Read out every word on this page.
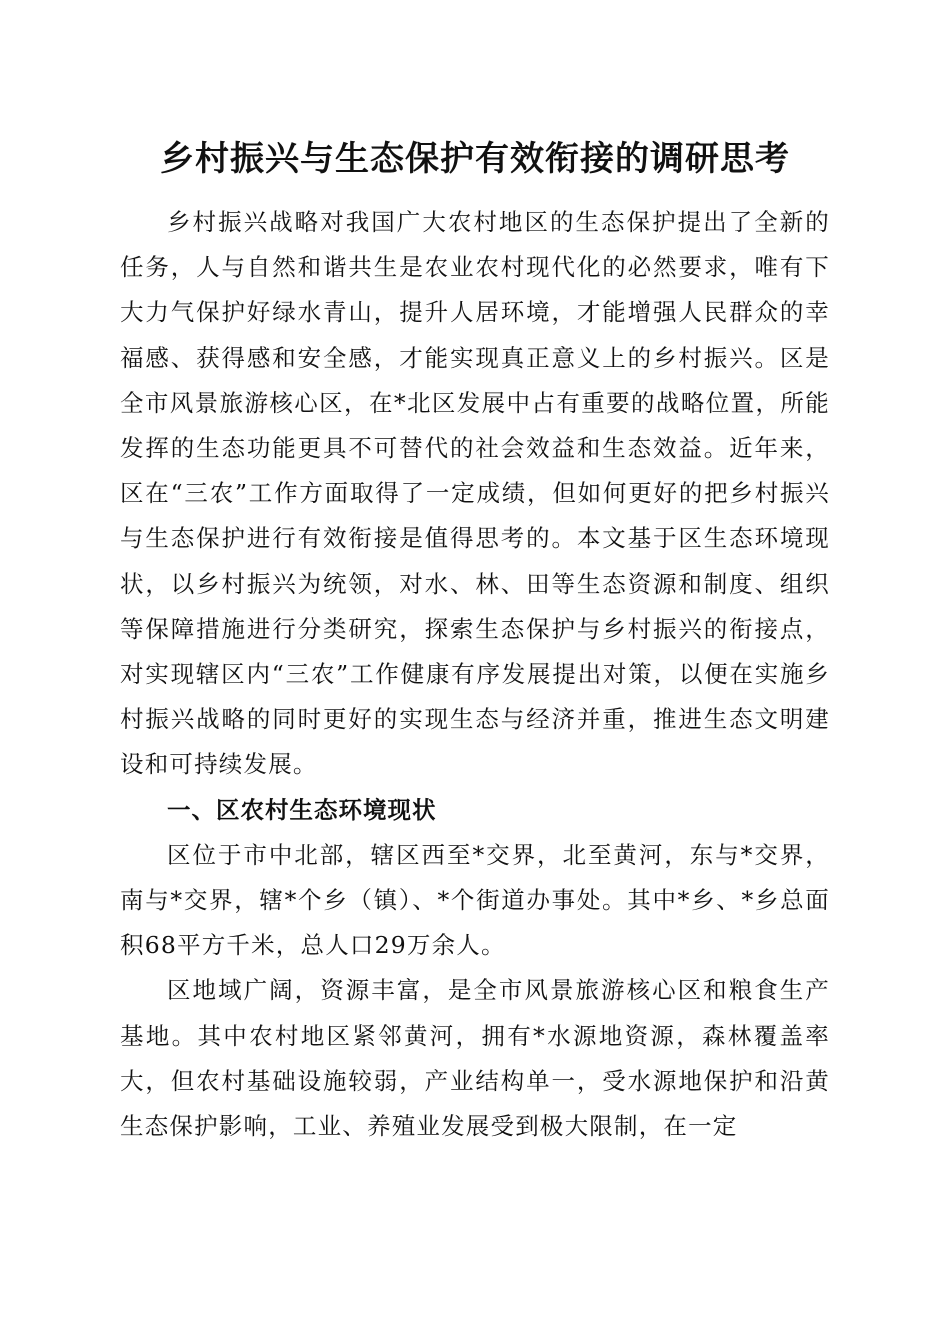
乡村振兴与生态保护有效衔接的调研思考

乡村振兴战略对我国广大农村地区的生态保护提出了全新的任务，人与自然和谐共生是农业农村现代化的必然要求，唯有下大力气保护好绿水青山，提升人居环境，才能增强人民群众的幸福感、获得感和安全感，才能实现真正意义上的乡村振兴。区是全市风景旅游核心区，在*北区发展中占有重要的战略位置，所能发挥的生态功能更具不可替代的社会效益和生态效益。近年来，区在“三农”工作方面取得了一定成绩，但如何更好的把乡村振兴与生态保护进行有效衔接是值得思考的。本文基于区生态环境现状，以乡村振兴为统领，对水、林、田等生态资源和制度、组织等保障措施进行分类研究，探索生态保护与乡村振兴的衔接点，对实现辖区内“三农”工作健康有序发展提出对策，以便在实施乡村振兴战略的同时更好的实现生态与经济并重，推进生态文明建设和可持续发展。

一、区农村生态环境现状

区位于市中北部，辖区西至*交界，北至黄河，东与*交界，南与*交界，辖*个乡（镇）、*个街道办事处。其中*乡、*乡总面积68平方千米，总人口29万余人。

区地域广阔，资源丰富，是全市风景旅游核心区和粮食生产基地。其中农村地区紧邻黄河，拥有*水源地资源，森林覆盖率大，但农村基础设施较弱，产业结构单一，受水源地保护和沿黄生态保护影响，工业、养殖业发展受到极大限制，在一定
